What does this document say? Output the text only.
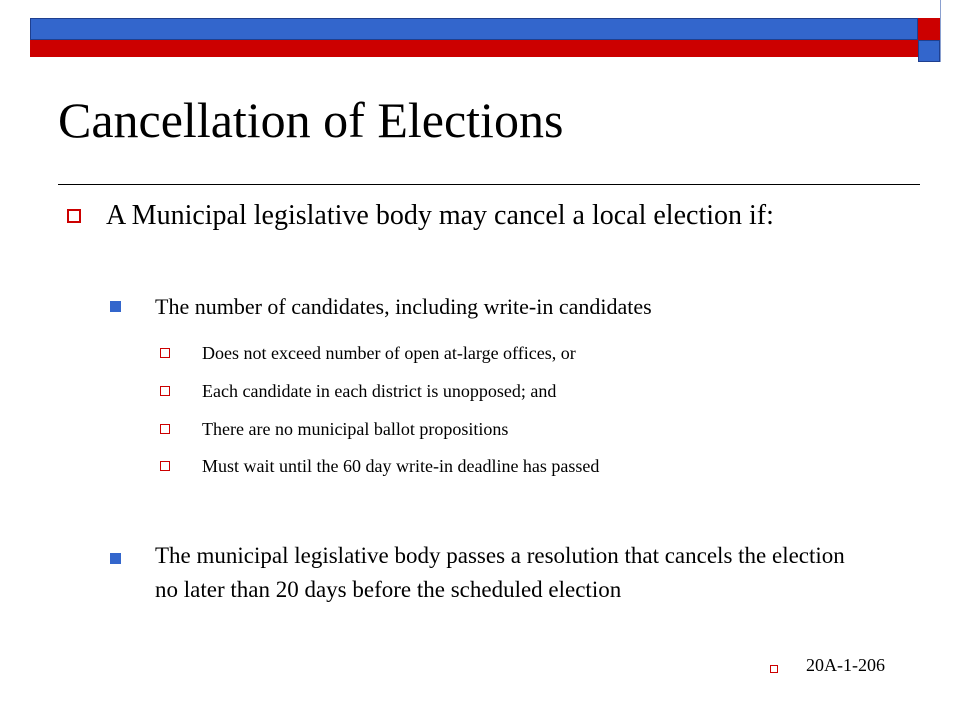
Cancellation of Elections
A Municipal legislative body may cancel a local election if:
The number of candidates, including write-in candidates
Does not exceed number of open at-large offices, or
Each candidate in each district is unopposed; and
There are no municipal ballot propositions
Must wait until the 60 day write-in deadline has passed
The municipal legislative body passes a resolution that cancels the election no later than 20 days before the scheduled election
20A-1-206
